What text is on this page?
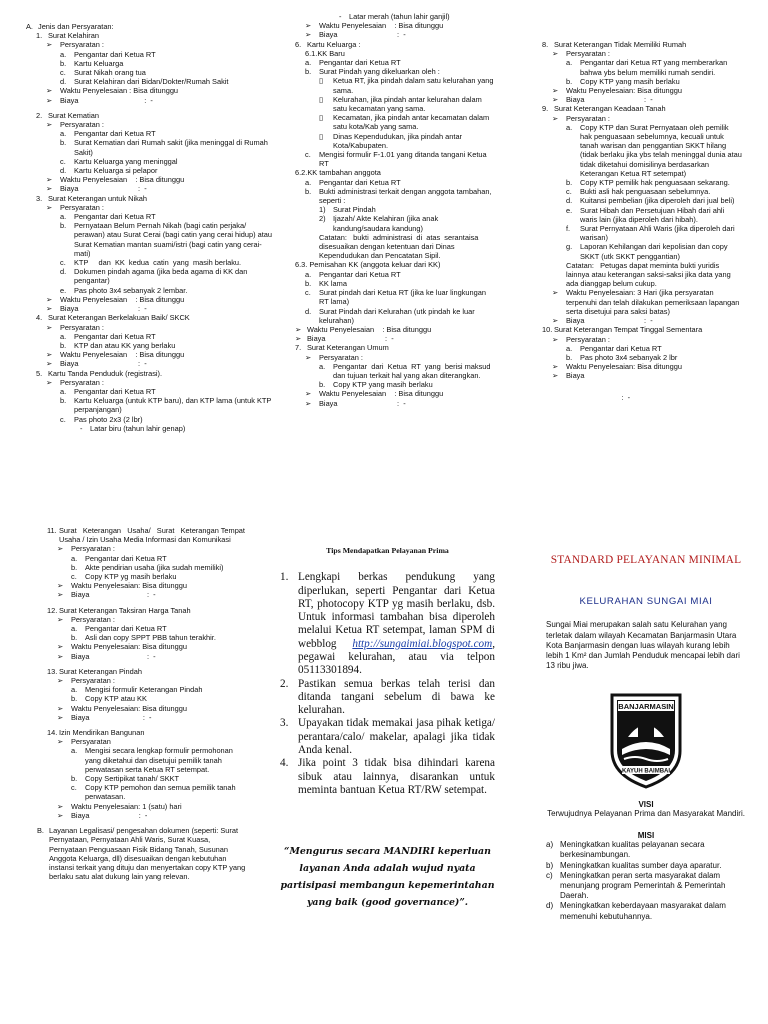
A. Jenis dan Persyaratan:
1. Surat Kelahiran
➢	Persyaratan :
a.	Pengantar dari Ketua RT
b.	Kartu Keluarga
c.	Surat Nikah orang tua
d.	Surat Kelahiran dari Bidan/Dokter/Rumah Sakit
➢	Waktu Penyelesaian : Bisa ditunggu
➢	Biaya                                :  -
2. Surat Kematian
➢	Persyaratan :
a.	Pengantar dari Ketua RT
b.	Surat Kematian dari Rumah sakit (jika meninggal di Rumah Sakit)
c.	Kartu Keluarga yang meninggal
d.	Kartu Keluarga si pelapor
➢	Waktu Penyelesaian    : Bisa ditunggu
➢	Biaya                             :  -
3. Surat Keterangan untuk Nikah
➢	Persyaratan :
a.	Pengantar dari Ketua RT
b.	Pernyataan Belum Pernah Nikah (bagi catin perjaka/ perawan) atau Surat Cerai (bagi catin yang cerai hidup) atau Surat Kematian mantan suami/istri (bagi catin yang cerai-mati)
c.	KTP     dan  KK  kedua  catin  yang  masih berlaku.
d.	Dokumen pindah agama (jika beda agama di KK dan pengantar)
e.	Pas photo 3x4 sebanyak 2 lembar.
➢	Waktu Penyelesaian    : Bisa ditunggu
➢	Biaya                             :  -
4. Surat Keterangan Berkelakuan Baik/ SKCK
➢	Persyaratan :
a.	Pengantar dari Ketua RT
b.	KTP dan atau KK yang berlaku
➢	Waktu Penyelesaian    : Bisa ditunggu
➢	Biaya                             :  -
5. Kartu Tanda Penduduk (registrasi).
➢	Persyaratan :
a.	Pengantar dari Ketua RT
b.	Kartu Keluarga (untuk KTP baru), dan KTP lama (untuk KTP perpanjangan)
c.	Pas photo 2x3 (2 lbr)
-	Latar biru (tahun lahir genap)
-	Latar merah (tahun lahir ganjil)
➢	Waktu Penyelesaian    : Bisa ditunggu
➢	Biaya                             :  -
6. Kartu Keluarga :
6.1.KK Baru
a.	Pengantar dari Ketua RT
b.	Surat Pindah yang dikeluarkan oleh :
▯	Ketua RT, jika pindah dalam satu kelurahan yang sama.
▯	Kelurahan, jika pindah antar kelurahan dalam satu kecamatan yang sama.
▯	Kecamatan, jika pindah antar kecamatan dalam satu kota/Kab yang sama.
▯	Dinas Kependudukan, jika pindah antar Kota/Kabupaten.
c.	Mengisi formulir F-1.01 yang ditanda tangani Ketua RT
6.2.KK tambahan anggota
a.	Pengantar dari Ketua RT
b.	Bukti administrasi terkait dengan anggota tambahan, seperti :
1)	Surat Pindah
2)	Ijazah/ Akte Kelahiran (jika anak kandung/saudara kandung)
Catatan:   bukti  administrasi  di  atas  serantaisa disesuaikan dengan ketentuan dari Dinas Kependudukan dan Pencatatan Sipil.
6.3. Pemisahan KK (anggota keluar dari KK)
a.	Pengantar dari Ketua RT
b.	KK lama
c.	Surat pindah dari Ketua RT (jika ke luar lingkungan RT lama)
d.	Surat Pindah dari Kelurahan (utk pindah ke luar kelurahan)
➢ Waktu Penyelesaian    : Bisa ditunggu
➢ Biaya                             :  -
7. Surat Keterangan Umum
➢	Persyaratan :
a.	Pengantar  dari  Ketua  RT  yang  berisi maksud dan tujuan terkait hal yang akan diterangkan.
b.	Copy KTP yang masih berlaku
➢	Waktu Penyelesaian    : Bisa ditunggu
➢	Biaya                             :  -
8. Surat Keterangan Tidak Memiliki Rumah
➢	Persyaratan :
a.	Pengantar dari Ketua RT yang memberarkan bahwa ybs belum memiliki rumah sendiri.
b.	Copy KTP yang masih berlaku
➢	Waktu Penyelesaian: Bisa ditunggu
➢	Biaya                             :  -
9. Surat Keterangan Keadaan Tanah
➢	Persyaratan :
a.	Copy KTP dan Surat Pernyataan oleh pemilik hak penguasaan sebelumnya, kecuali untuk tanah warisan dan penggantian SKKT hilang (tidak berlaku jika ybs telah meninggal dunia atau tidak diketahui domisilinya berdasarkan Keterangan Ketua RT setempat)
b.	Copy KTP pemilik hak penguasaan sekarang.
c.	Bukti asli hak penguasaan sebelumnya.
d.	Kuitansi pembelian (jika diperoleh dari jual beli)
e.	Surat Hibah dan Persetujuan Hibah dari ahli waris lain (jika diperoleh dari hibah).
f.	Surat Pernyataan Ahli Waris (jika diperoleh dari warisan)
g.	Laporan Kehilangan dari kepolisian dan copy SKKT (utk SKKT penggantian)
Catatan:   Petugas dapat meminta bukti yuridis lainnya atau keterangan saksi-saksi jika data yang ada dianggap belum cukup.
➢	Waktu Penyelesaian: 3 Hari (jika persyaratan terpenuhi dan telah dilakukan pemeriksaan lapangan serta disetujui para saksi batas)
➢	Biaya                             :  -
10. Surat Keterangan Tempat Tinggal Sementara
➢	Persyaratan :
a.	Pengantar dari Ketua RT
b.	Pas photo 3x4 sebanyak 2 lbr
➢	Waktu Penyelesaian: Bisa ditunggu
➢	Biaya
:  -
11. Surat   Keterangan   Usaha/   Surat   Keterangan Tempat Usaha / Izin Usaha Media Informasi dan Komunikasi
➢	Persyaratan :
a.	Pengantar dari Ketua RT
b.	Akte pendirian usaha (jika sudah memiliki)
c.	Copy KTP yg masih berlaku
➢	Waktu Penyelesaian: Bisa ditunggu
➢	Biaya                            :  -
12. Surat Keterangan Taksiran Harga Tanah
➢	Persyaratan :
a.	Pengantar dari Ketua RT
b.	Asli dan copy SPPT PBB tahun terakhir.
➢	Waktu Penyelesaian: Bisa ditunggu
➢	Biaya                            :  -
13. Surat Keterangan Pindah
➢	Persyaratan :
a.	Mengisi formulir Keterangan Pindah
b.	Copy KTP atau KK
➢	Waktu Penyelesaian: Bisa ditunggu
➢	Biaya                          :  -
14. Izin Mendirikan Bangunan
➢	Persyaratan
a.	Mengisi secara lengkap formulir permohonan yang diketahui dan disetujui pemilik tanah perwatasan serta Ketua RT setempat.
b.	Copy Sertipikat tanah/ SKKT
c.	Copy KTP pemohon dan semua pemilik tanah perwatasan.
➢	Waktu Penyelesaian: 1 (satu) hari
➢	Biaya                        :  -
B. Layanan Legalisasi/ pengesahan dokumen (seperti: Surat Pernyataan, Pernyataan Ahli Waris, Surat Kuasa, Pernyataan Penguasaan Fisik Bidang Tanah, Susunan Anggota Keluarga, dll) disesuaikan dengan kebutuhan instansi terkait yang dituju dan menyertakan copy KTP yang berlaku satu alat dukung lain yang relevan.
Tips Mendapatkan Pelayanan Prima
1. Lengkapi berkas pendukung yang diperlukan, seperti Pengantar dari Ketua RT, photocopy KTP yg masih berlaku, dsb. Untuk informasi tambahan bisa diperoleh melalui Ketua RT setempat, laman SPM di webblog http://sungaimiai.blogspot.com, pegawai kelurahan, atau via telpon 05113301894.
2. Pastikan semua berkas telah terisi dan ditanda tangani sebelum di bawa ke kelurahan.
3. Upayakan tidak memakai jasa pihak ketiga/ perantara/calo/ makelar, apalagi jika tidak Anda kenal.
4. Jika point 3 tidak bisa dihindari karena sibuk atau lainnya, disarankan untuk meminta bantuan Ketua RT/RW setempat.
“Mengurus secara MANDIRI keperluan layanan Anda adalah wujud nyata partisipasi membangun kepemerintahan yang baik (good governance)”.
STANDARD PELAYANAN MINIMAL
KELURAHAN SUNGAI MIAI
Sungai Miai merupakan salah satu Kelurahan yang terletak dalam wilayah Kecamatan Banjarmasin Utara Kota Banjarmasin dengan luas wilayah kurang lebih lebih 1 Km² dan Jumlah Penduduk mencapai lebih dari 13 ribu jiwa.
BANJARMASIN
KAYUH BAIMBAI
VISI
Terwujudnya Pelayanan Prima dan Masyarakat Mandiri.
MISI
a) Meningkatkan kualitas pelayanan secara berkesinambungan.
b) Meningkatkan kualitas sumber daya aparatur.
c) Meningkatkan peran serta masyarakat dalam menunjang program Pemerintah & Pemerintah Daerah.
d) Meningkatkan keberdayaan masyarakat dalam memenuhi kebutuhannya.
